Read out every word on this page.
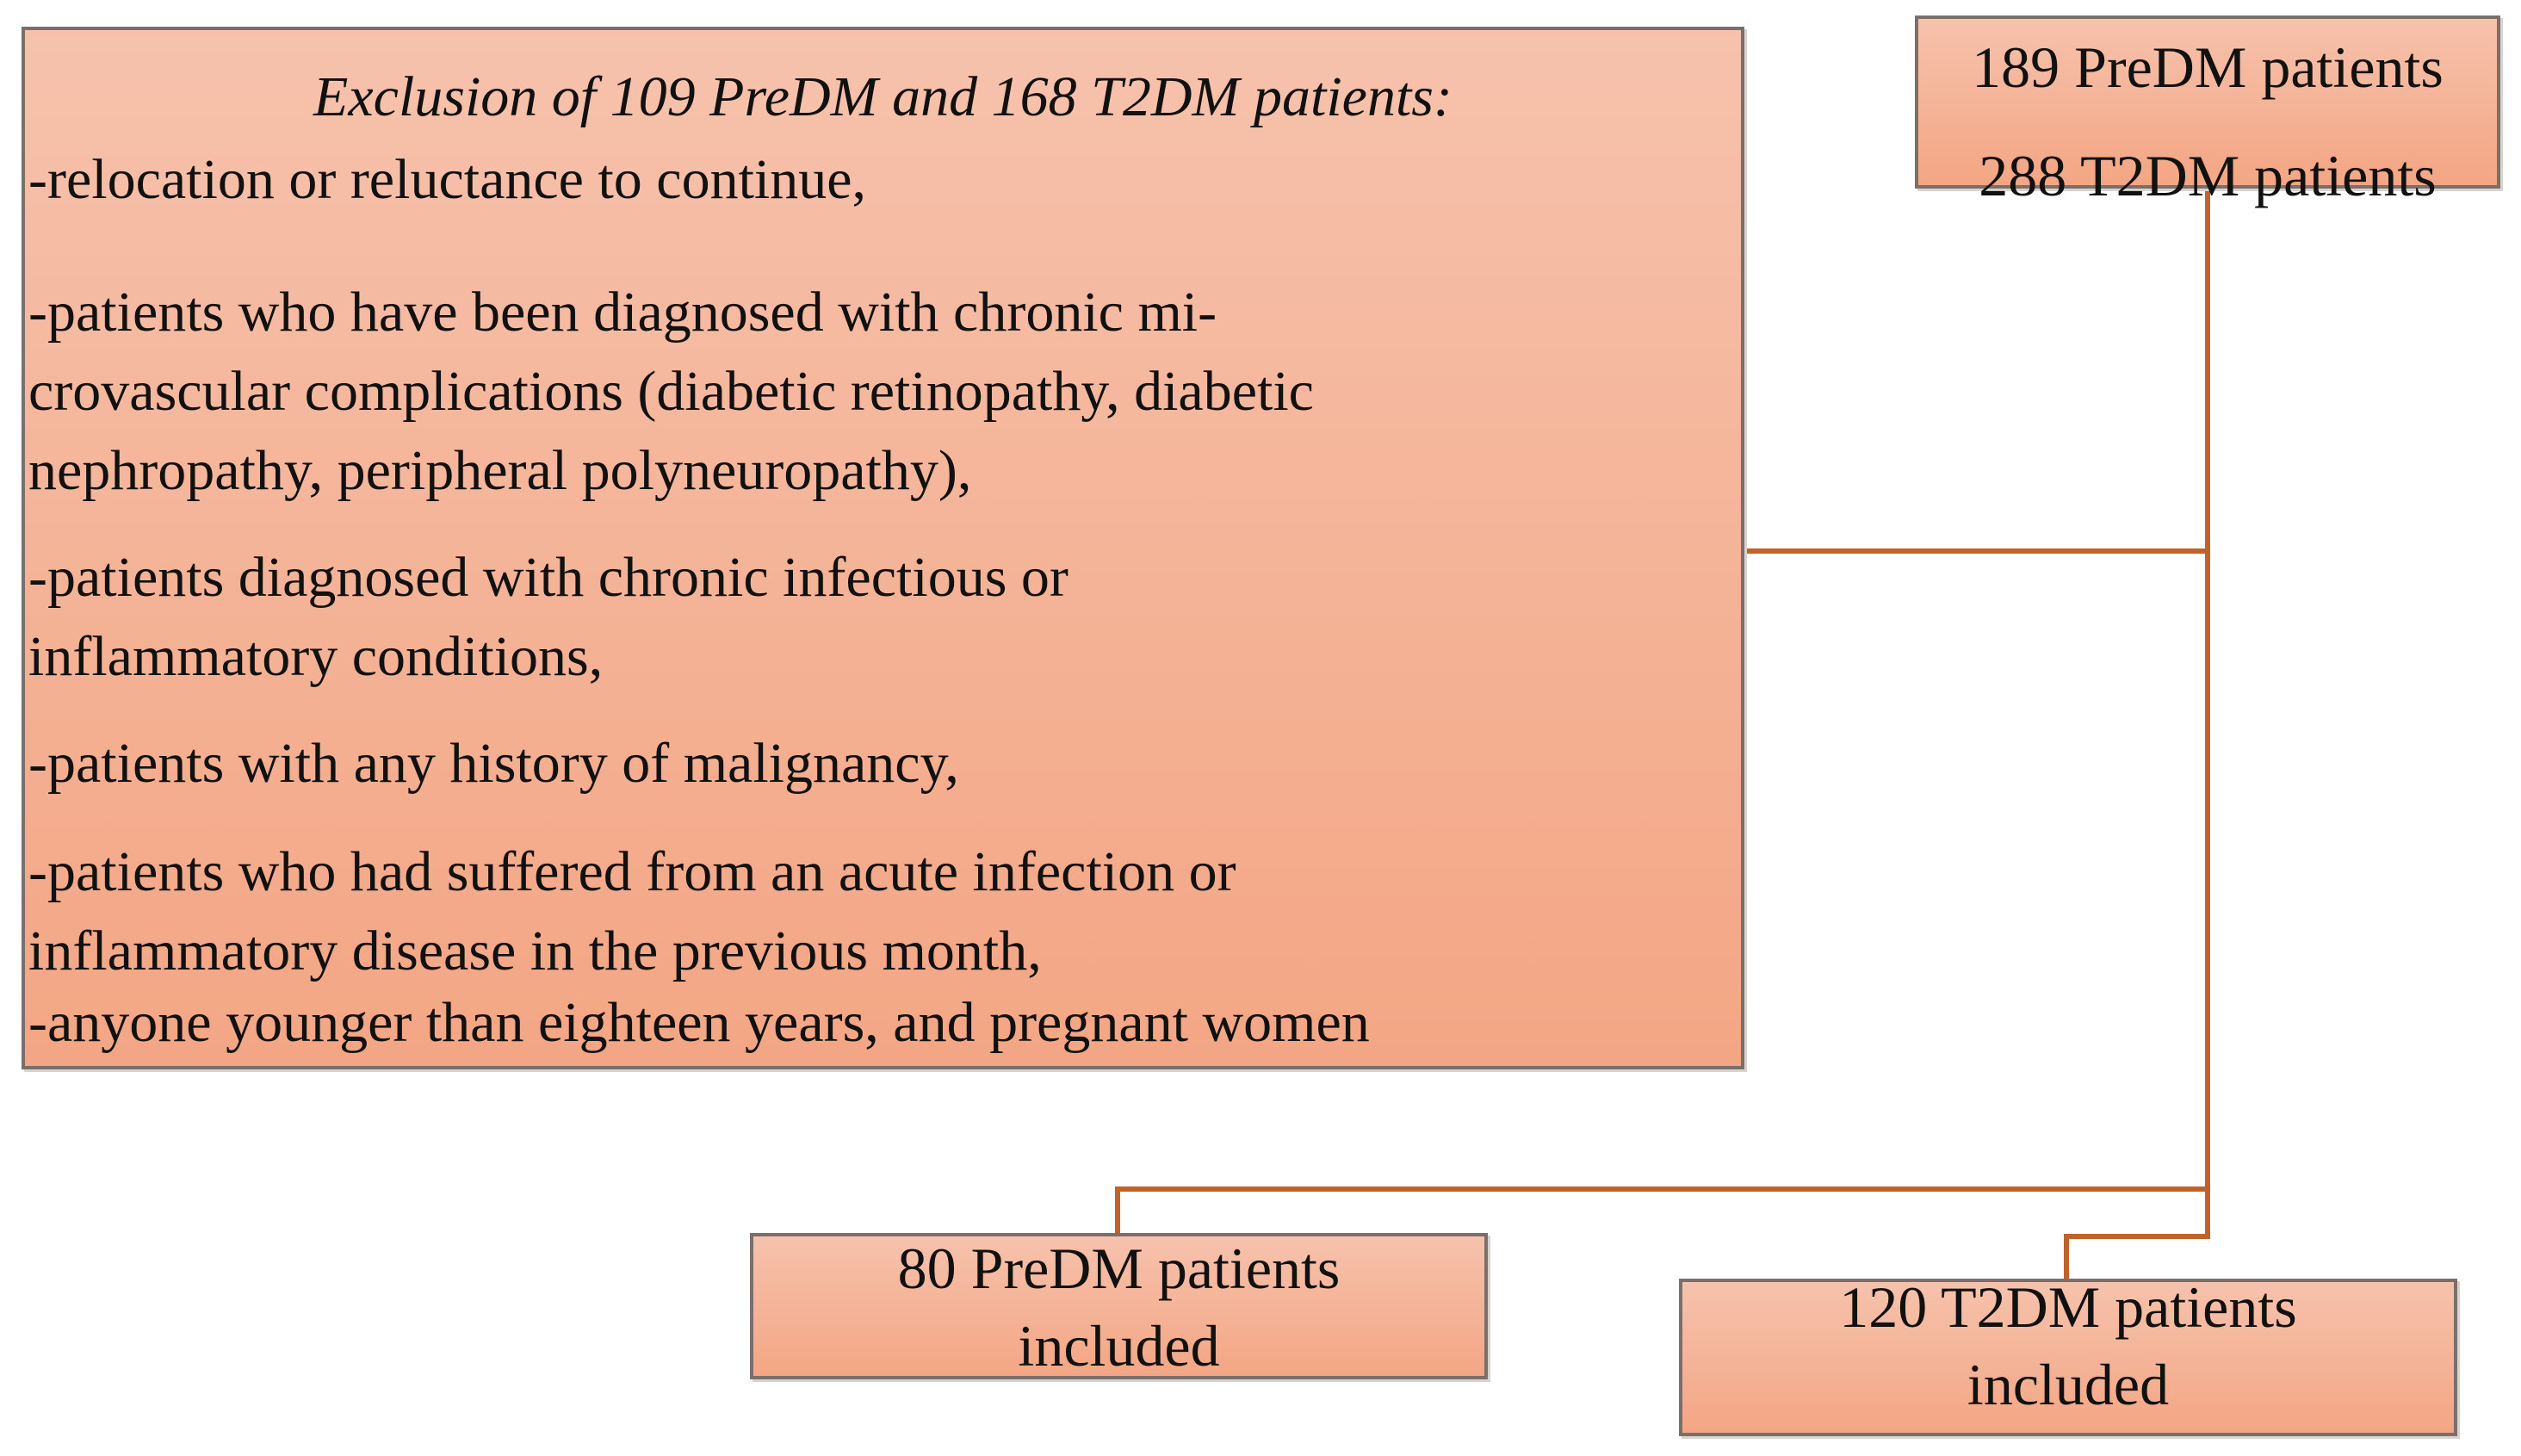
Exclusion of 109 PreDM and 168 T2DM patients:
-relocation or reluctance to continue,
-patients who have been diagnosed with chronic mi-
crovascular complications (diabetic retinopathy, diabetic
nephropathy, peripheral polyneuropathy),
-patients diagnosed with chronic infectious or
inflammatory conditions,
-patients with any history of malignancy,
-patients who had suffered from an acute infection or
inflammatory disease in the previous month,
-anyone younger than eighteen years, and pregnant women
189 PreDM patients
288 T2DM patients
80 PreDM patients
included
120 T2DM patients
included
